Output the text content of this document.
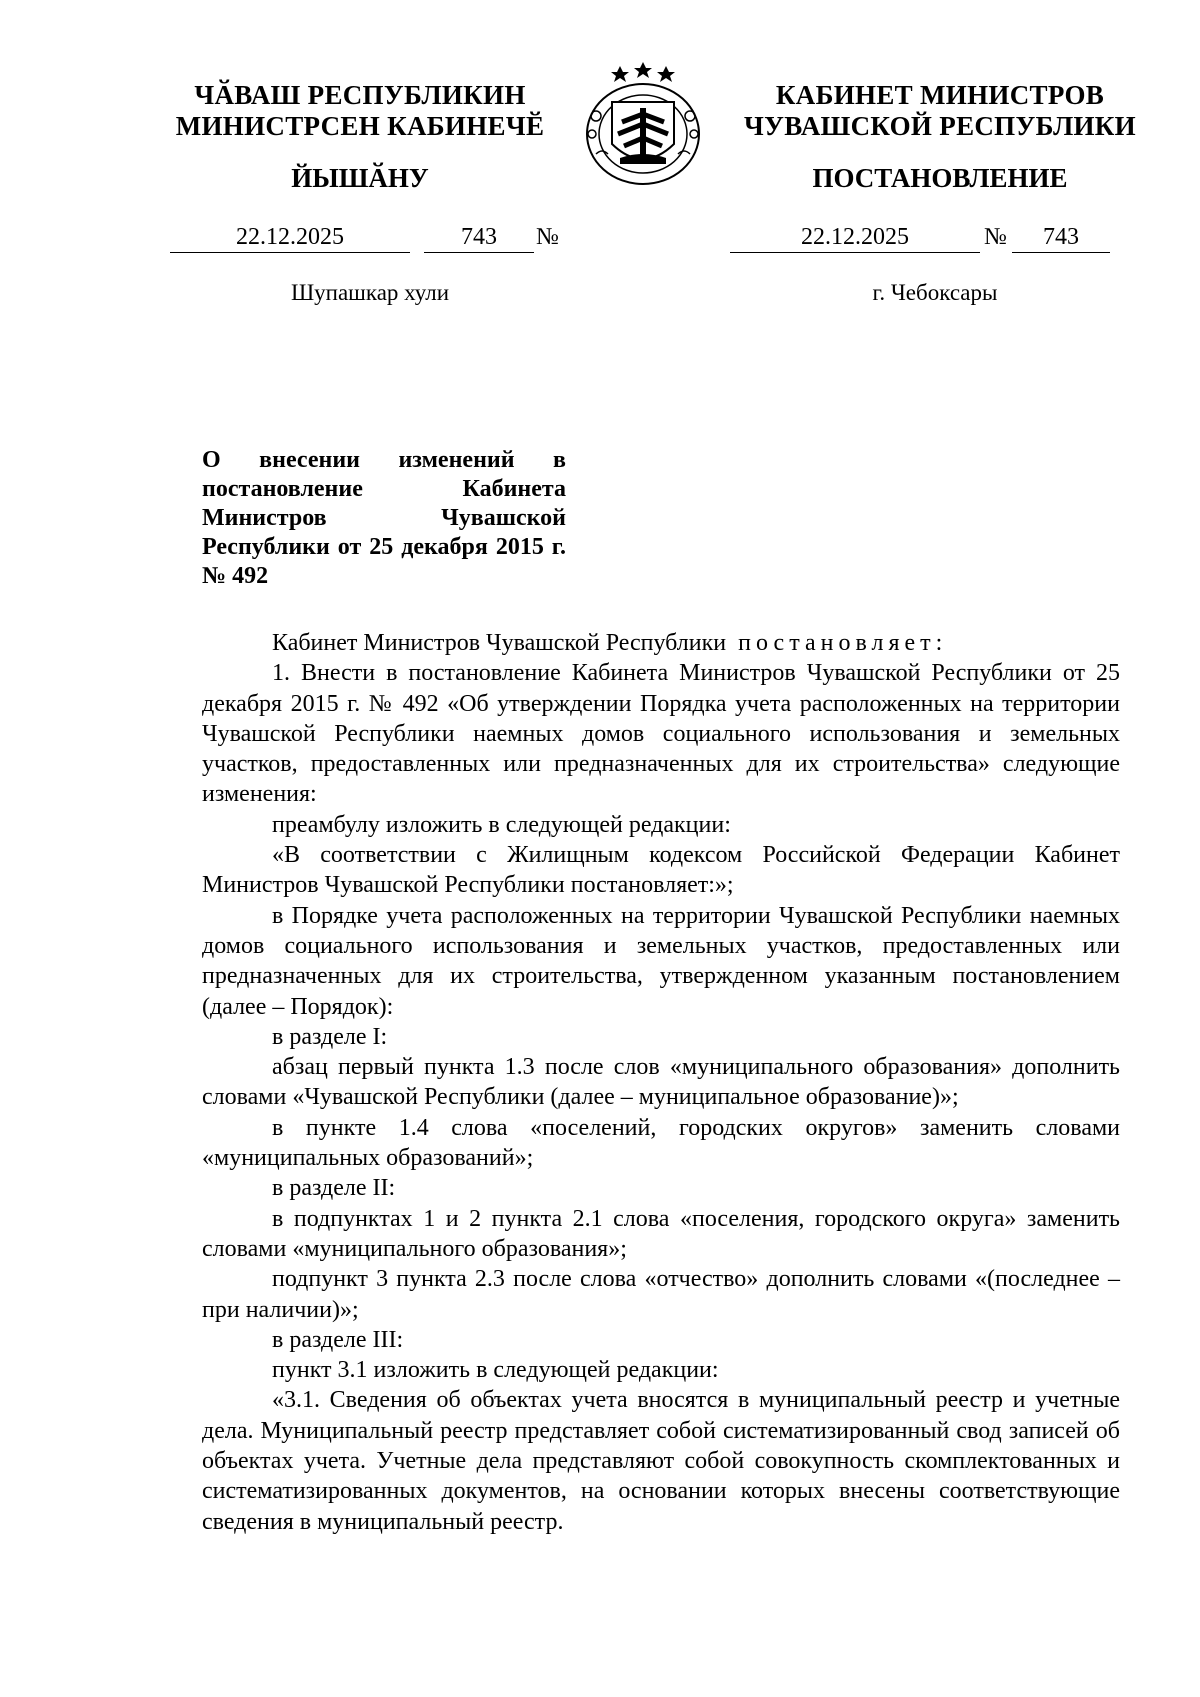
ЧӐВАШ РЕСПУБЛИКИН
МИНИСТРСЕН КАБИНЕЧӖ
ЙЫШӐНУ
22.12.2025	743	№
Шупашкар хули
КАБИНЕТ МИНИСТРОВ
ЧУВАШСКОЙ РЕСПУБЛИКИ
ПОСТАНОВЛЕНИЕ
22.12.2025	№	743
г. Чебоксары
О внесении изменений в постановление Кабинета Министров Чувашской Республики от 25 декабря 2015 г. № 492

Кабинет Министров Чувашской Республики постановляет:

1. Внести в постановление Кабинета Министров Чувашской Республики от 25 декабря 2015 г. № 492 «Об утверждении Порядка учета расположенных на территории Чувашской Республики наемных домов социального использования и земельных участков, предоставленных или предназначенных для их строительства» следующие изменения:

преамбулу изложить в следующей редакции:

«В соответствии с Жилищным кодексом Российской Федерации Кабинет Министров Чувашской Республики постановляет:»;

в Порядке учета расположенных на территории Чувашской Республики наемных домов социального использования и земельных участков, предоставленных или предназначенных для их строительства, утвержденном указанным постановлением (далее – Порядок):

в разделе I:

абзац первый пункта 1.3 после слов «муниципального образования» дополнить словами «Чувашской Республики (далее – муниципальное образование)»;

в пункте 1.4 слова «поселений, городских округов» заменить словами «муниципальных образований»;

в разделе II:

в подпунктах 1 и 2 пункта 2.1 слова «поселения, городского округа» заменить словами «муниципального образования»;

подпункт 3 пункта 2.3 после слова «отчество» дополнить словами «(последнее – при наличии)»;

в разделе III:

пункт 3.1 изложить в следующей редакции:

«3.1. Сведения об объектах учета вносятся в муниципальный реестр и учетные дела. Муниципальный реестр представляет собой систематизированный свод записей об объектах учета. Учетные дела представляют собой совокупность скомплектованных и систематизированных документов, на основании которых внесены соответствующие сведения в муниципальный реестр.
